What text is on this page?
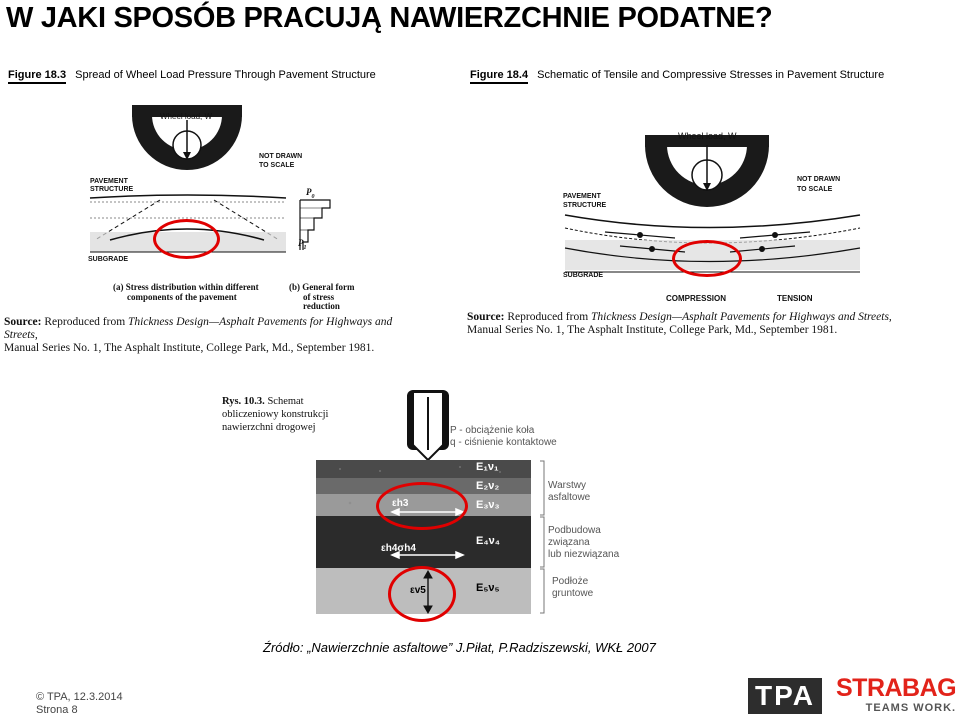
W JAKI SPOSÓB PRACUJĄ NAWIERZCHNIE PODATNE?
Figure 18.3 Spread of Wheel Load Pressure Through Pavement Structure
Wheel load, W
NOT DRAWN
TO SCALE
PAVEMENT
STRUCTURE	$P_0$
$P_1$
SUBGRADE
(a) Stress distribution within different
components of the pavement
(b) General form
of stress
reduction
Source: Reproduced from Thickness Design—Asphalt Pavements for Highways and Streets,
Manual Series No. 1, The Asphalt Institute, College Park, Md., September 1981.
Figure 18.4 Schematic of Tensile and Compressive Stresses in Pavement Structure
Wheel load, W
NOT DRAWN
TO SCALE
PAVEMENT
STRUCTURE
SUBGRADE
COMPRESSION	TENSION
Source: Reproduced from Thickness Design—Asphalt Pavements for Highways and Streets,
Manual Series No. 1, The Asphalt Institute, College Park, Md., September 1981.
Rys. 10.3. Schemat
obliczeniowy konstrukcji
nawierzchni drogowej	P - obciążenie koła
q - ciśnienie kontaktowe
E₁ν₁
E₂ν₂
E₃ν₃
E₄ν₄
E₅ν₅
εh3
εh4σh4
εv5
Warstwy
asfaltowe
Podbudowa
związana
lub niezwiązana
Podłoże
gruntowe
Źródło: „Nawierzchnie asfaltowe” J.Piłat, P.Radziszewski, WKŁ 2007
© TPA, 12.3.2014
Strona 8	TPA STRABAG
TEAMS WORK.
